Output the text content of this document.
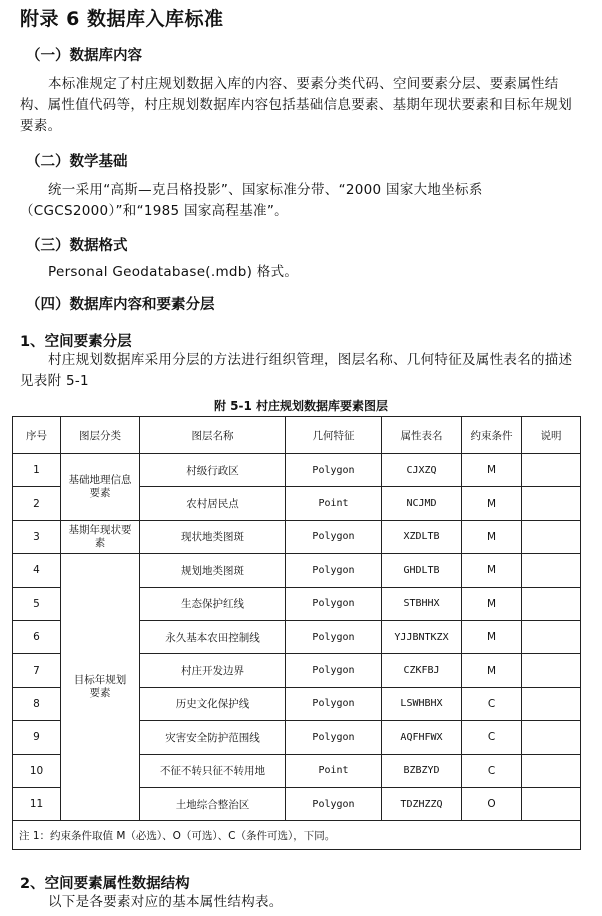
附录 6 数据库入库标准
（一）数据库内容
本标准规定了村庄规划数据入库的内容、要素分类代码、空间要素分层、要素属性结构、属性值代码等，村庄规划数据库内容包括基础信息要素、基期年现状要素和目标年规划要素。
（二）数学基础
统一采用“高斯—克吕格投影”、国家标准分带、“2000 国家大地坐标系（CGCS2000）”和“1985 国家高程基准”。
（三）数据格式
Personal Geodatabase(.mdb) 格式。
（四）数据库内容和要素分层
1、空间要素分层
村庄规划数据库采用分层的方法进行组织管理，图层名称、几何特征及属性表名的描述见表附 5-1
附 5-1 村庄规划数据库要素图层
序号	图层分类	图层名称	几何特征	属性表名	约束条件	说明
1	基础地理信息要素	村级行政区	Polygon	CJXZQ	M	
2		农村居民点	Point	NCJMD	M	
3	基期年现状要素	现状地类图斑	Polygon	XZDLTB	M	
4	目标年规划要素	规划地类图斑	Polygon	GHDLTB	M	
5		生态保护红线	Polygon	STBHHX	M	
6		永久基本农田控制线	Polygon	YJJBNTKZX	M	
7		村庄开发边界	Polygon	CZKFBJ	M	
8		历史文化保护线	Polygon	LSWHBHX	C	
9		灾害安全防护范围线	Polygon	AQFHFWX	C	
10		不征不转只征不转用地	Point	BZBZYD	C	
11		土地综合整治区	Polygon	TDZHZZQ	O	
注 1：约束条件取值 M（必选）、O（可选）、C（条件可选），下同。						
2、空间要素属性数据结构
以下是各要素对应的基本属性结构表。
